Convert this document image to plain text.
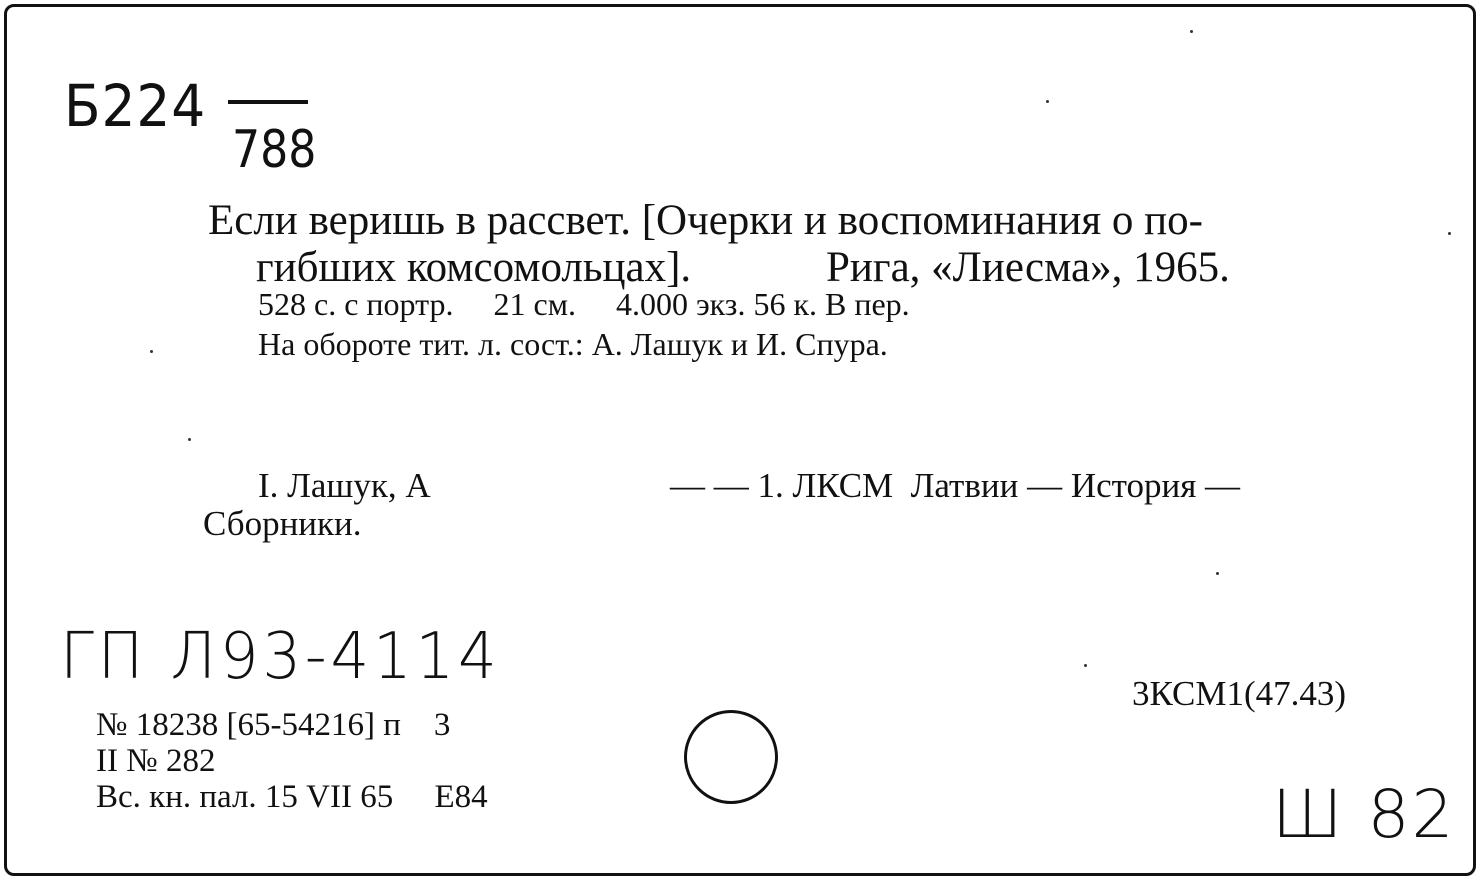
Б224
788
Если веришь в рассвет. [Очерки и воспоминания о по-
гибших комсомольцах].	Рига, «Лиесма», 1965.
528 с. с портр.     21 см.     4.000 экз. 56 к. В пер.
На обороте тит. л. сост.: А. Лашук и И. Спура.
I. Лашук, А
Сборники.
— — 1. ЛКСМ  Латвии — История —
ГП Л93-4114
№ 18238 [65-54216] п    3
II № 282
Вс. кн. пал. 15 VII 65     Е84
3КСМ1(47.43)
Ш 82
